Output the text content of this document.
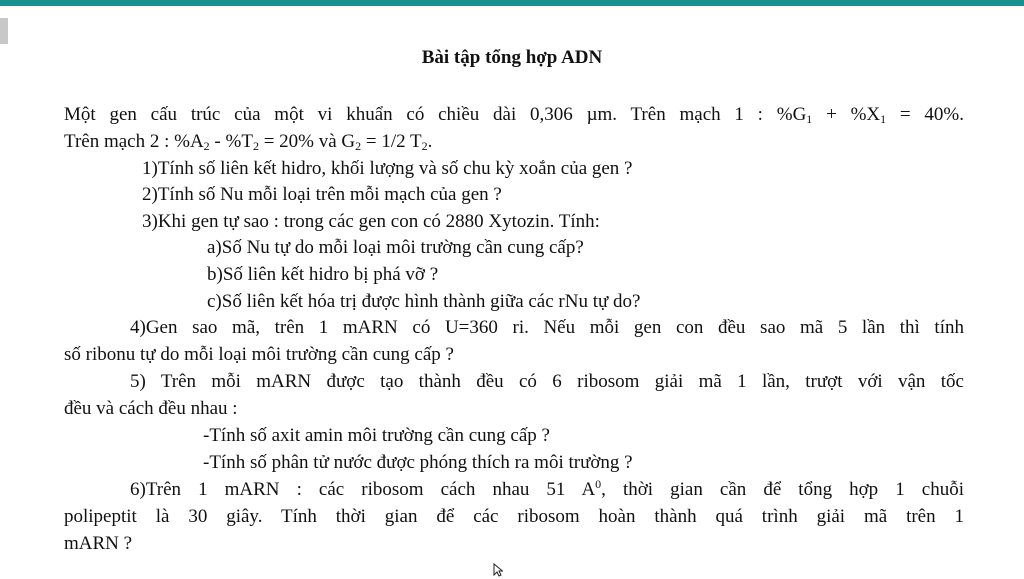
Bài tập tổng hợp ADN
Một gen cấu trúc của một vi khuẩn có chiều dài 0,306 µm. Trên mạch 1 : $\%G_1 + \%X_1 = 40\%$.
Trên mạch 2 : $\%A_2 - \%T_2 = 20\%$ và $G_2 = 1/2$ $T_2$.
1)Tính số liên kết hidro, khối lượng và số chu kỳ xoắn của gen ?
2)Tính số Nu mỗi loại trên mỗi mạch của gen ?
3)Khi gen tự sao : trong các gen con có 2880 Xytozin. Tính:
a)Số Nu tự do mỗi loại môi trường cần cung cấp?
b)Số liên kết hidro bị phá vỡ ?
c)Số liên kết hóa trị được hình thành giữa các rNu tự do?
4)Gen sao mã, trên 1 mARN có U=360 ri. Nếu mỗi gen con đều sao mã 5 lần thì tính
số ribonu tự do mỗi loại môi trường cần cung cấp ?
5) Trên mỗi mARN được tạo thành đều có 6 ribosom giải mã 1 lần, trượt với vận tốc
đều và cách đều nhau :
-Tính số axit amin môi trường cần cung cấp ?
-Tính số phân tử nước được phóng thích ra môi trường ?
6)Trên 1 mARN : các ribosom cách nhau 51 $A^0$, thời gian cần để tổng hợp 1 chuỗi
polipeptit là 30 giây. Tính thời gian để các ribosom hoàn thành quá trình giải mã trên 1
mARN ?
